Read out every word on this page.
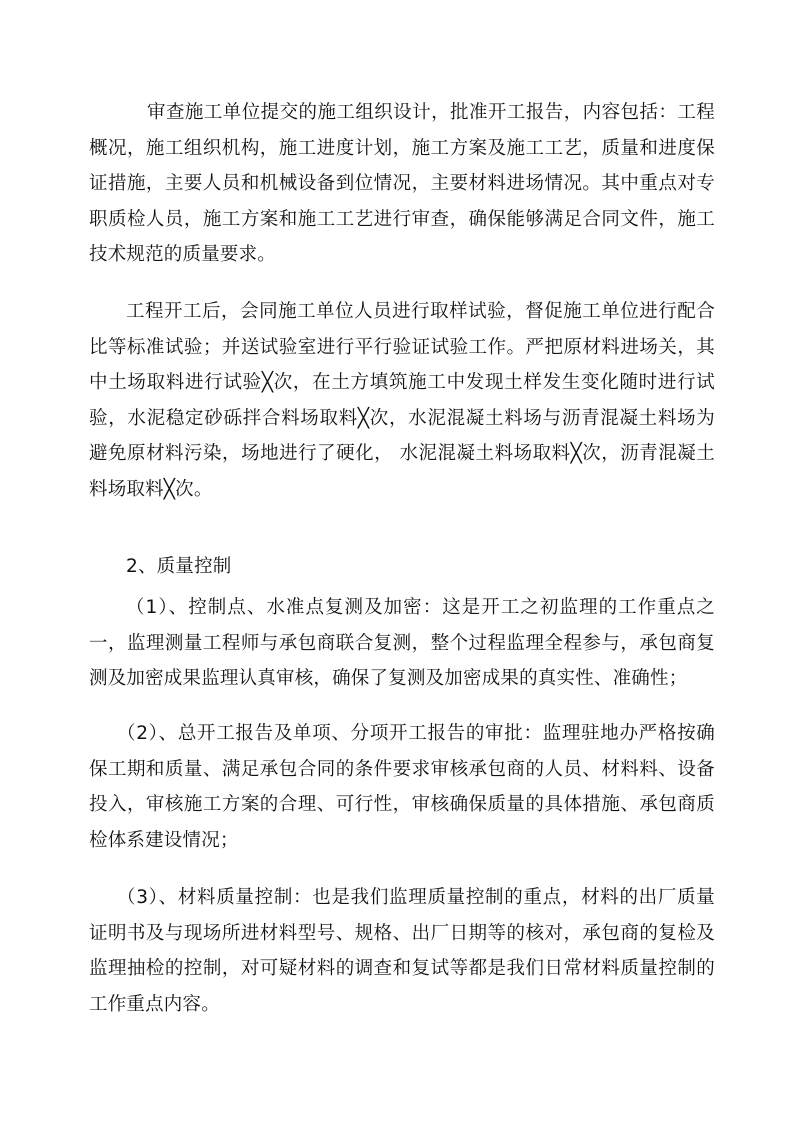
审查施工单位提交的施工组织设计，批准开工报告，内容包括：工程概况，施工组织机构，施工进度计划，施工方案及施工工艺，质量和进度保证措施，主要人员和机械设备到位情况，主要材料进场情况。其中重点对专职质检人员，施工方案和施工工艺进行审查，确保能够满足合同文件，施工技术规范的质量要求。

工程开工后，会同施工单位人员进行取样试验，督促施工单位进行配合比等标准试验；并送试验室进行平行验证试验工作。严把原材料进场关，其中土场取料进行试验╳次，在土方填筑施工中发现土样发生变化随时进行试验，水泥稳定砂砾拌合料场取料╳次，水泥混凝土料场与沥青混凝土料场为避免原材料污染，场地进行了硬化， 水泥混凝土料场取料╳次，沥青混凝土料场取料╳次。

2、质量控制

（1）、控制点、水准点复测及加密：这是开工之初监理的工作重点之一，监理测量工程师与承包商联合复测，整个过程监理全程参与，承包商复测及加密成果监理认真审核，确保了复测及加密成果的真实性、准确性；

（2）、总开工报告及单项、分项开工报告的审批：监理驻地办严格按确保工期和质量、满足承包合同的条件要求审核承包商的人员、材料料、设备投入，审核施工方案的合理、可行性，审核确保质量的具体措施、承包商质检体系建设情况；

（3）、材料质量控制：也是我们监理质量控制的重点，材料的出厂质量证明书及与现场所进材料型号、规格、出厂日期等的核对，承包商的复检及监理抽检的控制，对可疑材料的调查和复试等都是我们日常材料质量控制的工作重点内容。
